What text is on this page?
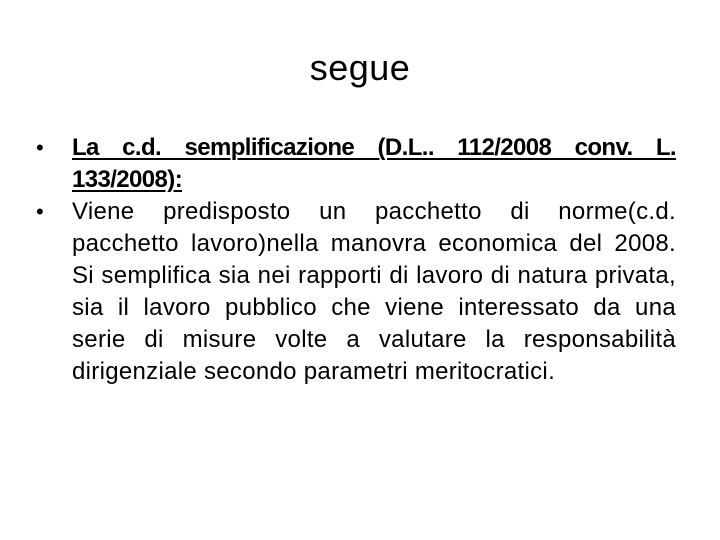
segue
•	La c.d. semplificazione (D.L.. 112/2008 conv. L. 133/2008):
•	Viene predisposto un pacchetto di norme(c.d. pacchetto lavoro)nella manovra economica del 2008. Si semplifica sia nei rapporti di lavoro di natura privata, sia il lavoro pubblico che viene interessato da una serie di misure volte a valutare la responsabilità dirigenziale secondo parametri meritocratici.
